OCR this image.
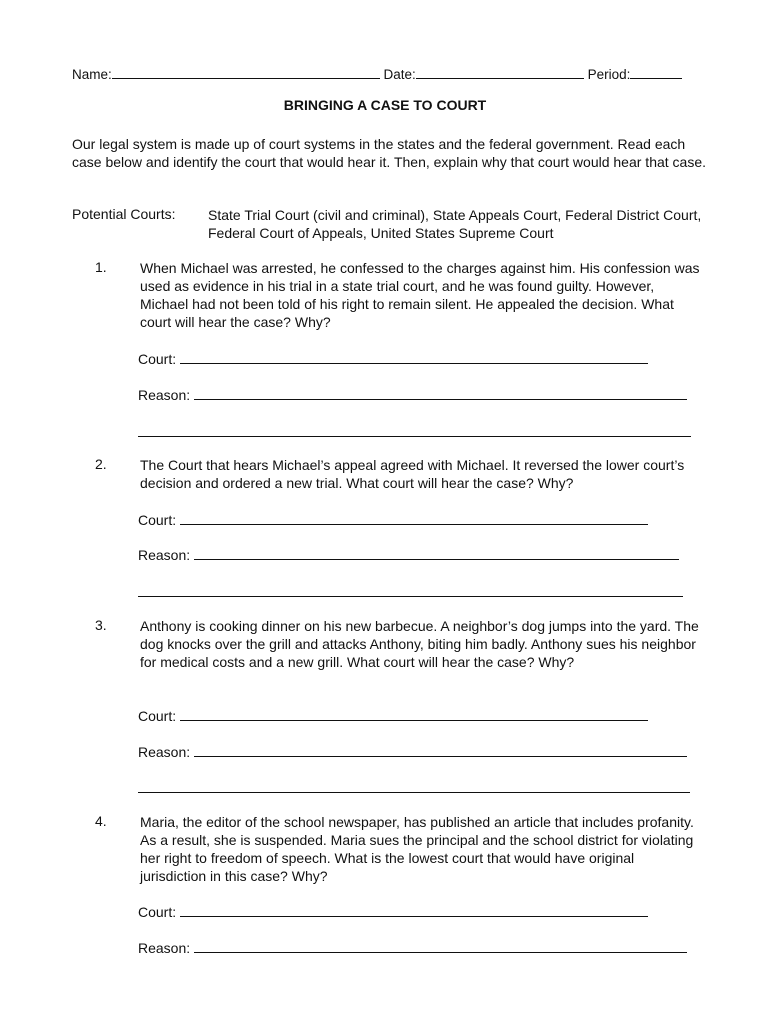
Name:	Date:	Period:
BRINGING A CASE TO COURT
Our legal system is made up of court systems in the states and the federal government. Read each case below and identify the court that would hear it. Then, explain why that court would hear that case.
Potential Courts: State Trial Court (civil and criminal), State Appeals Court, Federal District Court, Federal Court of Appeals, United States Supreme Court
1. When Michael was arrested, he confessed to the charges against him. His confession was used as evidence in his trial in a state trial court, and he was found guilty. However, Michael had not been told of his right to remain silent. He appealed the decision. What court will hear the case? Why?
Court:
Reason:
2. The Court that hears Michael’s appeal agreed with Michael. It reversed the lower court’s decision and ordered a new trial. What court will hear the case? Why?
Court:
Reason:
3. Anthony is cooking dinner on his new barbecue. A neighbor’s dog jumps into the yard. The dog knocks over the grill and attacks Anthony, biting him badly. Anthony sues his neighbor for medical costs and a new grill. What court will hear the case? Why?
Court:
Reason:
4. Maria, the editor of the school newspaper, has published an article that includes profanity. As a result, she is suspended. Maria sues the principal and the school district for violating her right to freedom of speech. What is the lowest court that would have original jurisdiction in this case? Why?
Court:
Reason:
